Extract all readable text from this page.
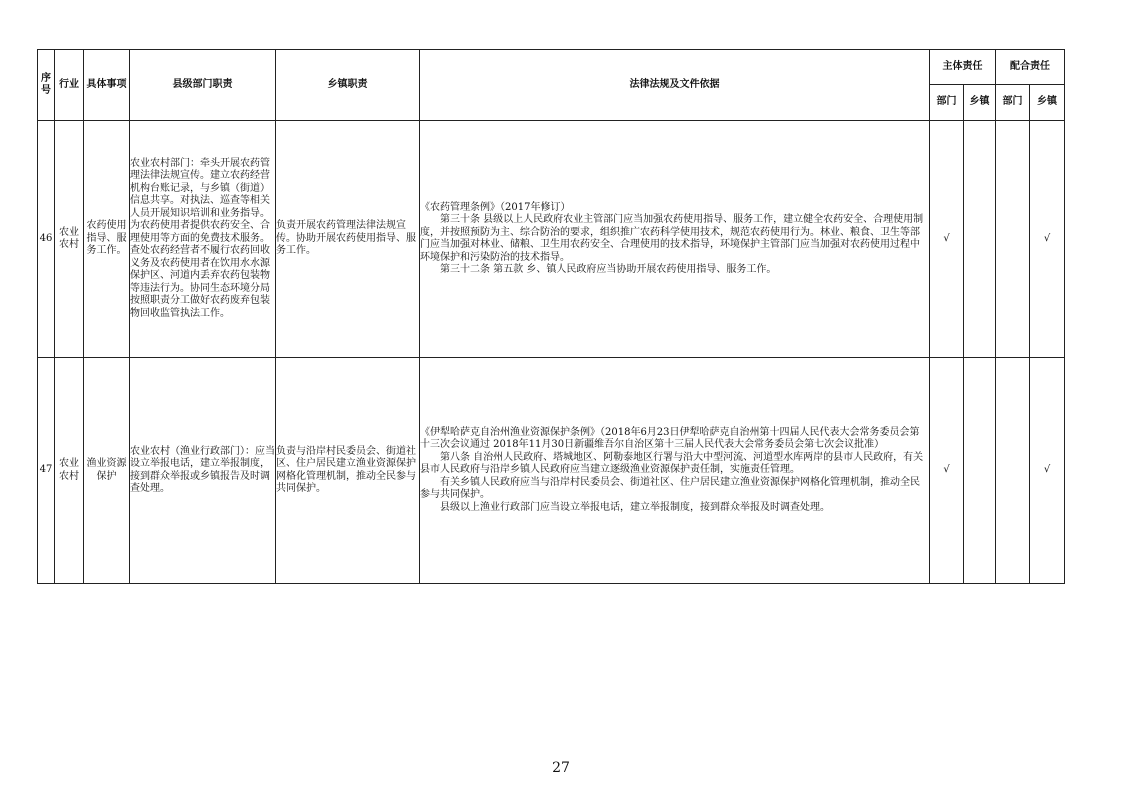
序号	行业	具体事项	县级部门职责	乡镇职责	法律法规及文件依据	主体责任		配合责任	
						部门	乡镇	部门	乡镇
46	农业农村	农药使用指导、服务工作。	农业农村部门：牵头开展农药管理法律法规宣传。建立农药经营机构台账记录，与乡镇（街道）信息共享。对执法、巡查等相关人员开展知识培训和业务指导。为农药使用者提供农药安全、合理使用等方面的免费技术服务。查处农药经营者不履行农药回收义务及农药使用者在饮用水水源保护区、河道内丢弃农药包装物等违法行为。协同生态环境分局按照职责分工做好农药废弃包装物回收监管执法工作。	负责开展农药管理法律法规宣传。协助开展农药使用指导、服务工作。	《农药管理条例》（2017年修订）

第三十条 县级以上人民政府农业主管部门应当加强农药使用指导、服务工作，建立健全农药安全、合理使用制度，并按照预防为主、综合防治的要求，组织推广农药科学使用技术，规范农药使用行为。林业、粮食、卫生等部门应当加强对林业、储粮、卫生用农药安全、合理使用的技术指导，环境保护主管部门应当加强对农药使用过程中环境保护和污染防治的技术指导。

第三十二条 第五款 乡、镇人民政府应当协助开展农药使用指导、服务工作。	√			√
47	农业农村	渔业资源保护	农业农村（渔业行政部门）：应当设立举报电话，建立举报制度，接到群众举报或乡镇报告及时调查处理。	负责与沿岸村民委员会、街道社区、住户居民建立渔业资源保护网格化管理机制，推动全民参与共同保护。	《伊犁哈萨克自治州渔业资源保护条例》（2018年6月23日伊犁哈萨克自治州第十四届人民代表大会常务委员会第十三次会议通过 2018年11月30日新疆维吾尔自治区第十三届人民代表大会常务委员会第七次会议批准）

第八条 自治州人民政府、塔城地区、阿勒泰地区行署与沿大中型河流、河道型水库两岸的县市人民政府，有关县市人民政府与沿岸乡镇人民政府应当建立逐级渔业资源保护责任制，实施责任管理。

有关乡镇人民政府应当与沿岸村民委员会、街道社区、住户居民建立渔业资源保护网格化管理机制，推动全民参与共同保护。

县级以上渔业行政部门应当设立举报电话，建立举报制度，接到群众举报及时调查处理。	√			√
27
